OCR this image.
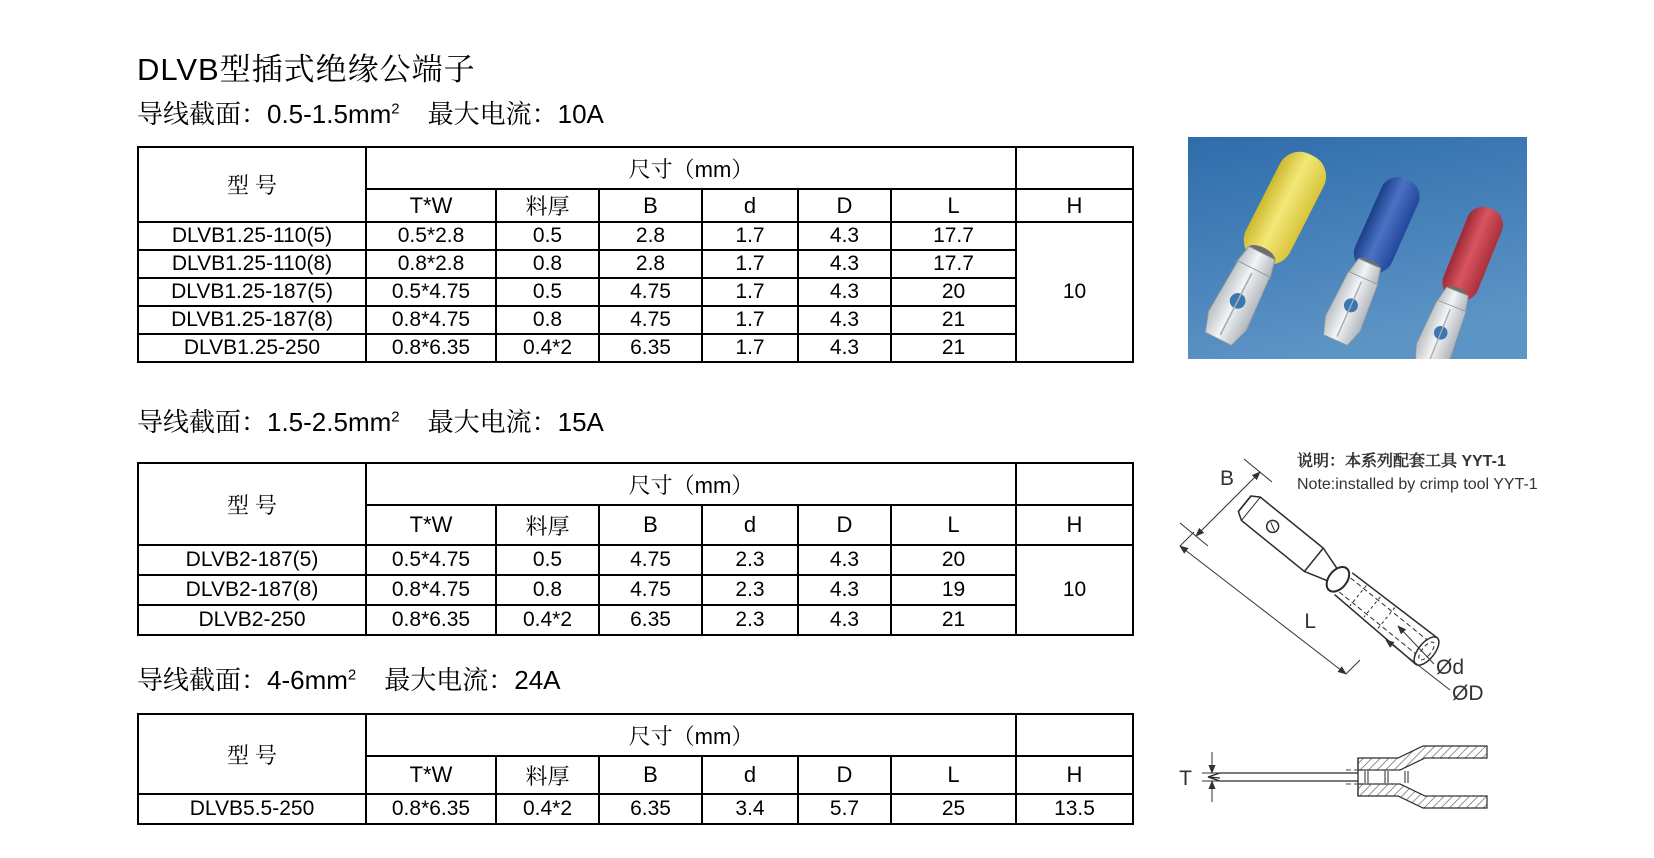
DLVB型插式绝缘公端子
导线截面：$0.5-1.5mm^2$ 最大电流：10A
型 号	尺寸（mm）						
	T*W	料厚	B	d	D	L	H
DLVB1.25-110(5)	0.5*2.8	0.5	2.8	1.7	4.3	17.7	10
DLVB1.25-110(8)	0.8*2.8	0.8	2.8	1.7	4.3	17.7	
DLVB1.25-187(5)	0.5*4.75	0.5	4.75	1.7	4.3	20	
DLVB1.25-187(8)	0.8*4.75	0.8	4.75	1.7	4.3	21	
DLVB1.25-250	0.8*6.35	0.4*2	6.35	1.7	4.3	21	
导线截面：$1.5-2.5mm^2$ 最大电流：15A
型 号	尺寸（mm）						
	T*W	料厚	B	d	D	L	H
DLVB2-187(5)	0.5*4.75	0.5	4.75	2.3	4.3	20	10
DLVB2-187(8)	0.8*4.75	0.8	4.75	2.3	4.3	19	
DLVB2-250	0.8*6.35	0.4*2	6.35	2.3	4.3	21	
导线截面：$4-6mm^2$ 最大电流：24A
型 号	尺寸（mm）						
	T*W	料厚	B	d	D	L	H
DLVB5.5-250	0.8*6.35	0.4*2	6.35	3.4	5.7	25	13.5
说明：本系列配套工具 YYT-1
Note:installed by crimp tool YYT-1
B
L
Ød
ØD
T
